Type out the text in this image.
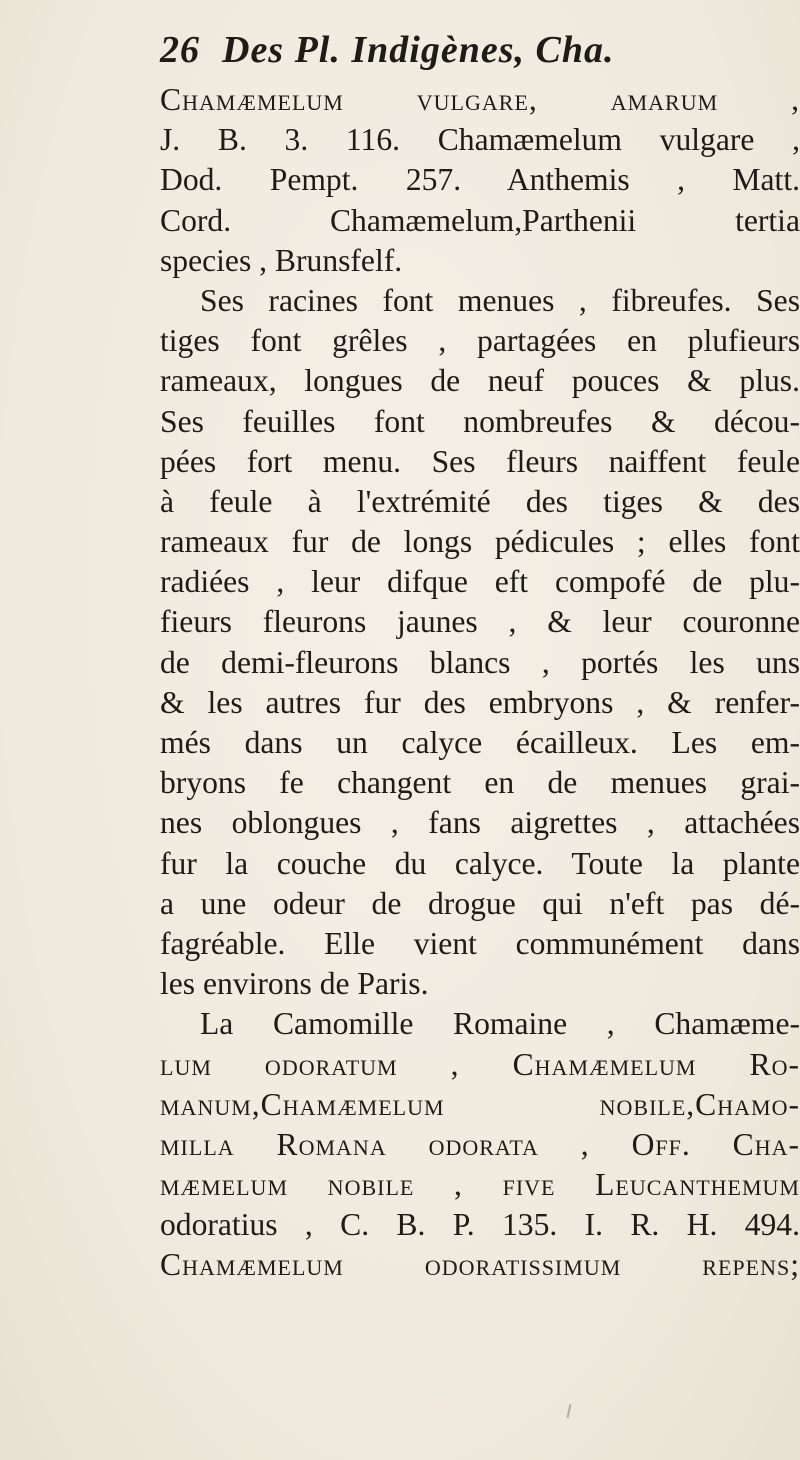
26 Des Pl. Indigènes, Cha.
Chamæmelum vulgare, amarum ,
J. B. 3. 116. Chamæmelum vulgare ,
Dod. Pempt. 257. Anthemis , Matt.
Cord. Chamæmelum,Parthenii tertia
species , Brunsfelf.
Ses racines font menues , fibreufes. Ses
tiges font grêles , partagées en plufieurs
rameaux, longues de neuf pouces & plus.
Ses feuilles font nombreufes & décou-
pées fort menu. Ses fleurs naiffent feule
à feule à l'extrémité des tiges & des
rameaux fur de longs pédicules ; elles font
radiées , leur difque eft compofé de plu-
fieurs fleurons jaunes , & leur couronne
de demi-fleurons blancs , portés les uns
& les autres fur des embryons , & renfer-
més dans un calyce écailleux. Les em-
bryons fe changent en de menues grai-
nes oblongues , fans aigrettes , attachées
fur la couche du calyce. Toute la plante
a une odeur de drogue qui n'eft pas dé-
fagréable. Elle vient communément dans
les environs de Paris.
La Camomille Romaine , Chamæme-
lum odoratum , Chamæmelum Ro-
manum,Chamæmelum nobile,Chamo-
milla Romana odorata , Off. Cha-
mæmelum nobile , five Leucanthemum
odoratius , C. B. P. 135. I. R. H. 494.
Chamæmelum odoratissimum repens;
